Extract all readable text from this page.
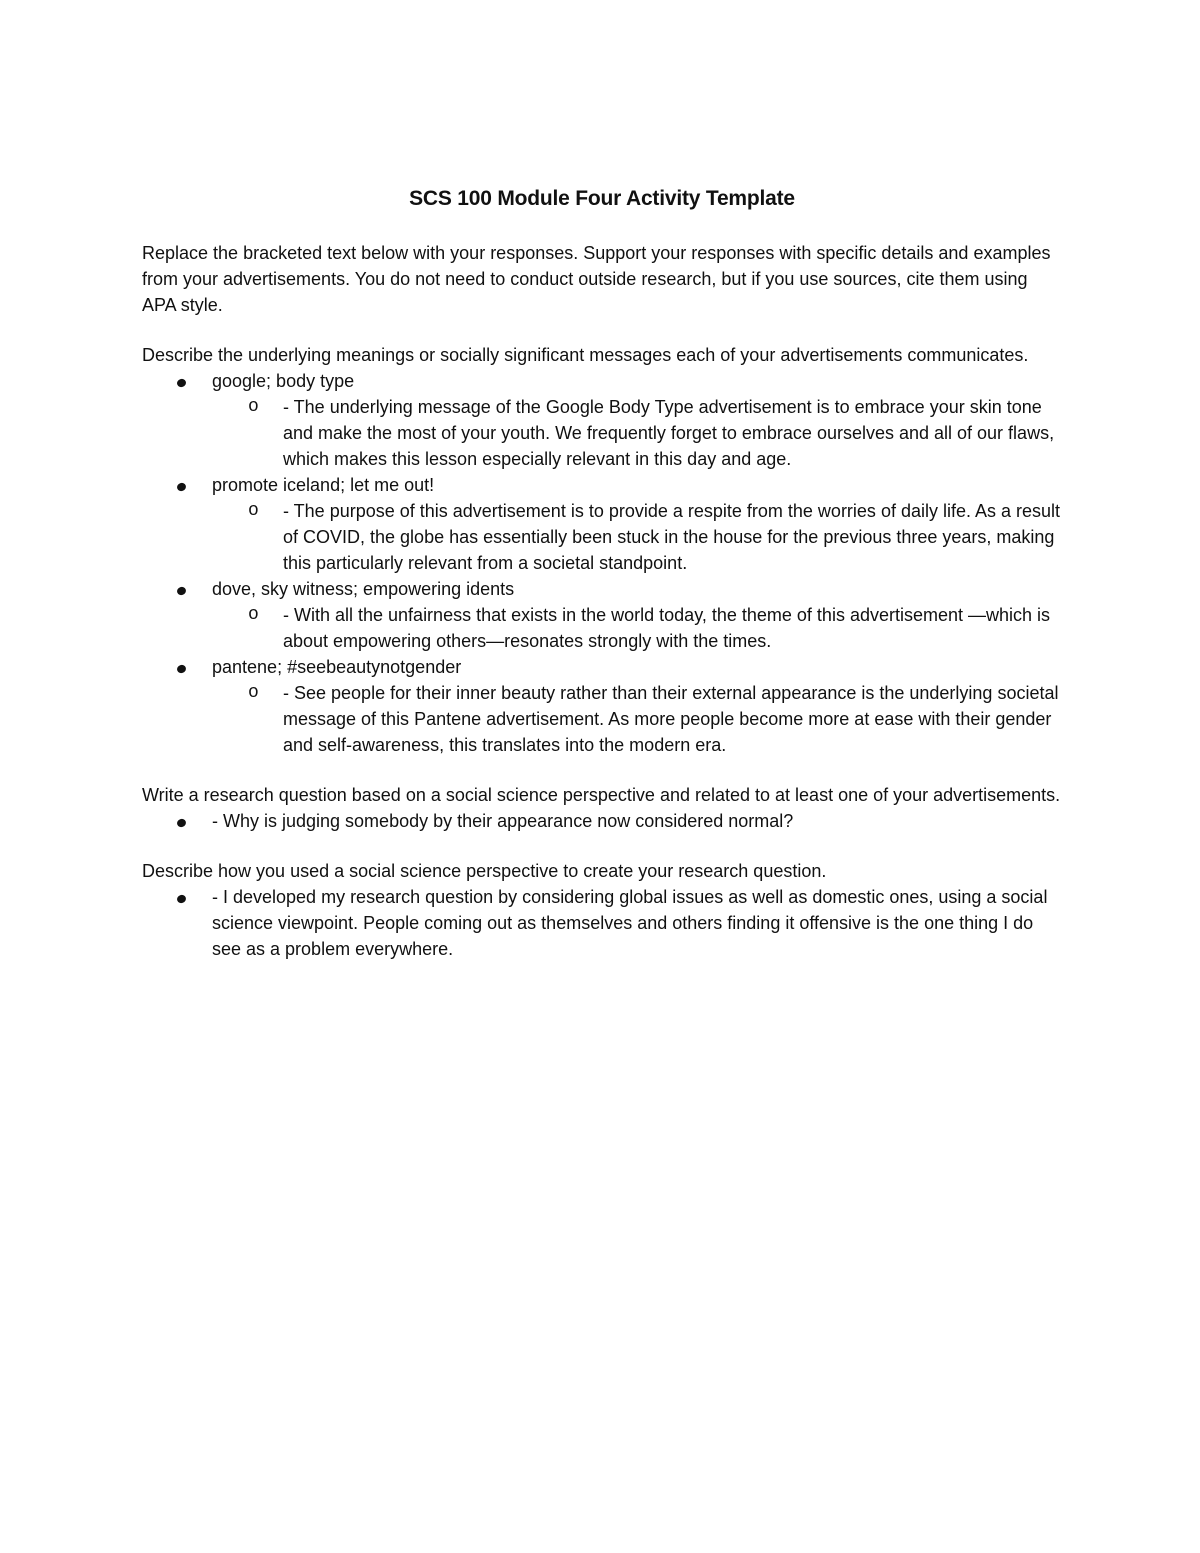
SCS 100 Module Four Activity Template

Replace the bracketed text below with your responses. Support your responses with specific details and examples from your advertisements. You do not need to conduct outside research, but if you use sources, cite them using APA style.

Describe the underlying meanings or socially significant messages each of your advertisements communicates.

google; body type
o - The underlying message of the Google Body Type advertisement is to embrace your skin tone and make the most of your youth. We frequently forget to embrace ourselves and all of our flaws, which makes this lesson especially relevant in this day and age.
promote iceland; let me out!
o - The purpose of this advertisement is to provide a respite from the worries of daily life. As a result of COVID, the globe has essentially been stuck in the house for the previous three years, making this particularly relevant from a societal standpoint.
dove, sky witness; empowering idents
o - With all the unfairness that exists in the world today, the theme of this advertisement —which is about empowering others—resonates strongly with the times.
pantene; #seebeautynotgender
o - See people for their inner beauty rather than their external appearance is the underlying societal message of this Pantene advertisement. As more people become more at ease with their gender and self-awareness, this translates into the modern era.

Write a research question based on a social science perspective and related to at least one of your advertisements.

- Why is judging somebody by their appearance now considered normal?

Describe how you used a social science perspective to create your research question.

- I developed my research question by considering global issues as well as domestic ones, using a social science viewpoint. People coming out as themselves and others finding it offensive is the one thing I do see as a problem everywhere.
